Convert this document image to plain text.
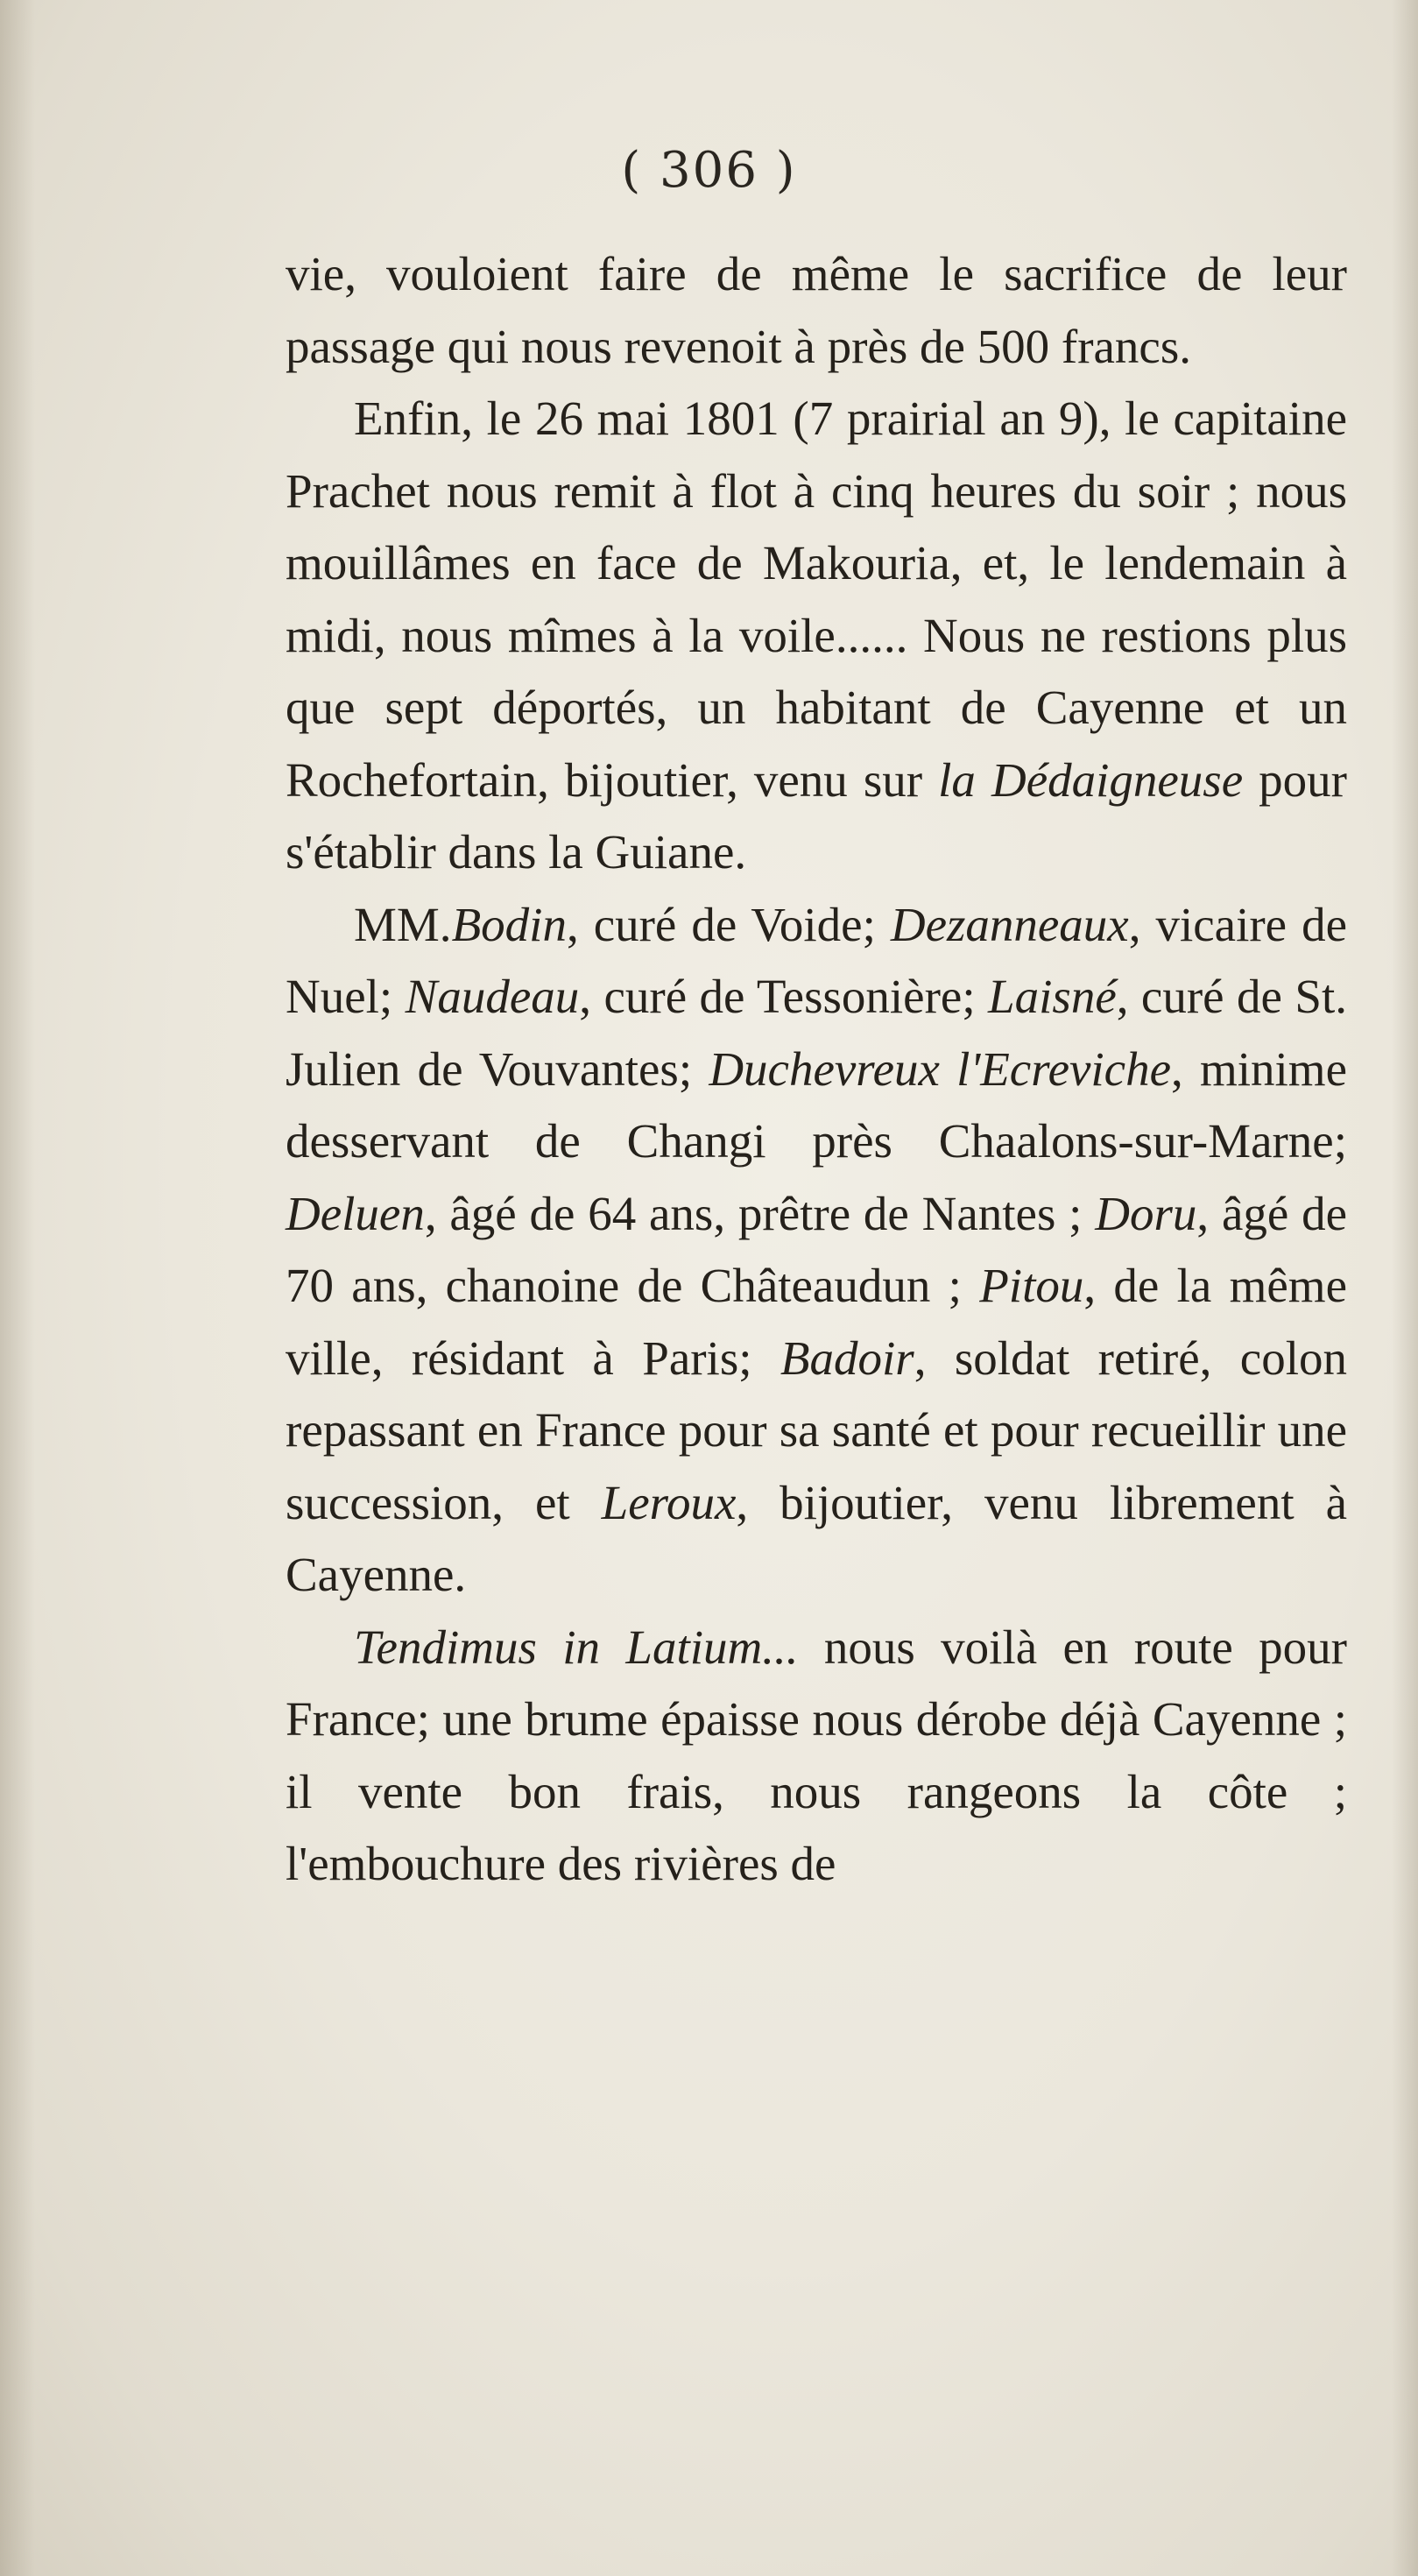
( 306 )

vie, vouloient faire de même le sacrifice de leur passage qui nous revenoit à près de 500 francs.

Enfin, le 26 mai 1801 (7 prairial an 9), le capitaine Prachet nous remit à flot à cinq heures du soir ; nous mouillâmes en face de Makouria, et, le lendemain à midi, nous mîmes à la voile...... Nous ne restions plus que sept déportés, un habitant de Cayenne et un Rochefortain, bijoutier, venu sur la Dédaigneuse pour s'établir dans la Guiane.

MM.Bodin, curé de Voide; Dezanneaux, vicaire de Nuel; Naudeau, curé de Tessonière; Laisné, curé de St. Julien de Vouvantes; Duchevreux l'Ecreviche, minime desservant de Changi près Chaalons-sur-Marne; Deluen, âgé de 64 ans, prêtre de Nantes ; Doru, âgé de 70 ans, chanoine de Châteaudun ; Pitou, de la même ville, résidant à Paris; Badoir, soldat retiré, colon repassant en France pour sa santé et pour recueillir une succession, et Leroux, bijoutier, venu librement à Cayenne.

Tendimus in Latium... nous voilà en route pour France; une brume épaisse nous dérobe déjà Cayenne ; il vente bon frais, nous rangeons la côte ; l'embouchure des rivières de
